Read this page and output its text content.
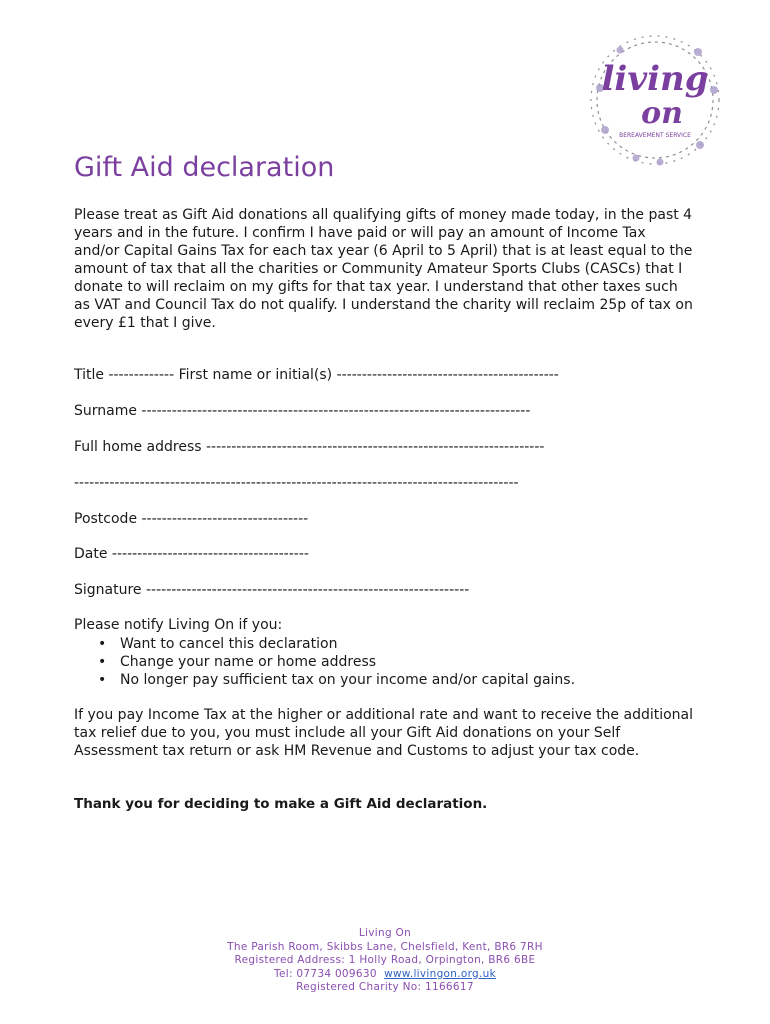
living
on
BEREAVEMENT SERVICE
Gift Aid declaration

Please treat as Gift Aid donations all qualifying gifts of money made today, in the past 4 years and in the future. I confirm I have paid or will pay an amount of Income Tax and/or Capital Gains Tax for each tax year (6 April to 5 April) that is at least equal to the amount of tax that all the charities or Community Amateur Sports Clubs (CASCs) that I donate to will reclaim on my gifts for that tax year. I understand that other taxes such as VAT and Council Tax do not qualify. I understand the charity will reclaim 25p of tax on every £1 that I give.

Title ------------- First name or initial(s) --------------------------------------------
Surname -----------------------------------------------------------------------------
Full home address -------------------------------------------------------------------
----------------------------------------------------------------------------------------
Postcode ---------------------------------
Date ---------------------------------------
Signature ----------------------------------------------------------------
Please notify Living On if you:
• Want to cancel this declaration
• Change your name or home address
• No longer pay sufficient tax on your income and/or capital gains.

If you pay Income Tax at the higher or additional rate and want to receive the additional tax relief due to you, you must include all your Gift Aid donations on your Self Assessment tax return or ask HM Revenue and Customs to adjust your tax code.

Thank you for deciding to make a Gift Aid declaration.
Living On
The Parish Room, Skibbs Lane, Chelsfield, Kent, BR6 7RH
Registered Address: 1 Holly Road, Orpington, BR6 6BE
Tel: 07734 009630 www.livingon.org.uk
Registered Charity No: 1166617
